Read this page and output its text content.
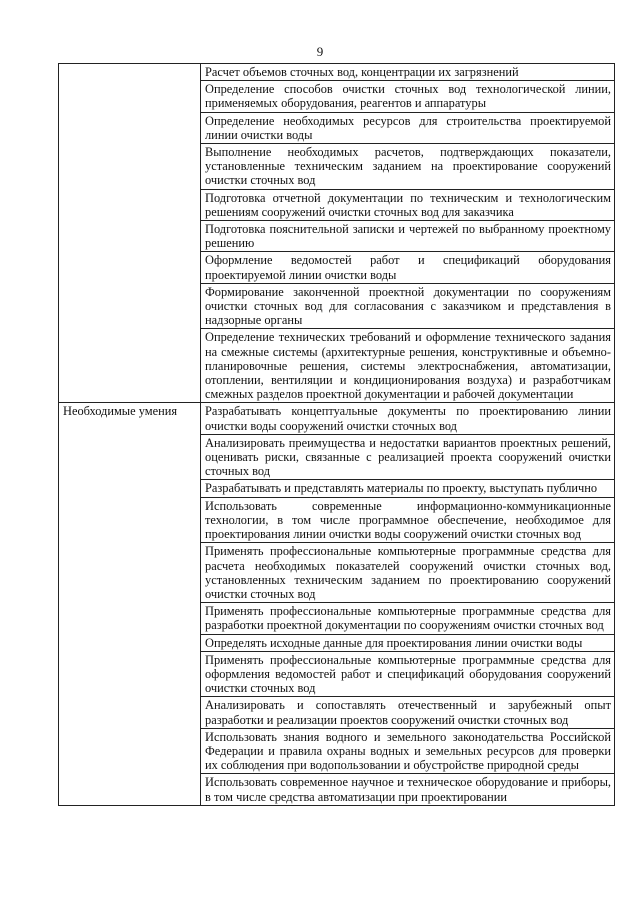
9
	Расчет объемов сточных вод, концентрации их загрязнений
	Определение способов очистки сточных вод технологической линии, применяемых оборудования, реагентов и аппаратуры
	Определение необходимых ресурсов для строительства проектируемой линии очистки воды
	Выполнение необходимых расчетов, подтверждающих показатели, установленные техническим заданием на проектирование сооружений очистки сточных вод
	Подготовка отчетной документации по техническим и технологическим решениям сооружений очистки сточных вод для заказчика
	Подготовка пояснительной записки и чертежей по выбранному проектному решению
	Оформление ведомостей работ и спецификаций оборудования проектируемой линии очистки воды
	Формирование законченной проектной документации по сооружениям очистки сточных вод для согласования с заказчиком и представления в надзорные органы
	Определение технических требований и оформление технического задания на смежные системы (архитектурные решения, конструктивные и объемно-планировочные решения, системы электроснабжения, автоматизации, отоплении, вентиляции и кондиционирования воздуха) и разработчикам смежных разделов проектной документации и рабочей документации
Необходимые умения	Разрабатывать концептуальные документы по проектированию линии очистки воды сооружений очистки сточных вод
	Анализировать преимущества и недостатки вариантов проектных решений, оценивать риски, связанные с реализацией проекта сооружений очистки сточных вод
	Разрабатывать и представлять материалы по проекту, выступать публично
	Использовать современные информационно-коммуникационные технологии, в том числе программное обеспечение, необходимое для проектирования линии очистки воды сооружений очистки сточных вод
	Применять профессиональные компьютерные программные средства для расчета необходимых показателей сооружений очистки сточных вод, установленных техническим заданием по проектированию сооружений очистки сточных вод
	Применять профессиональные компьютерные программные средства для разработки проектной документации по сооружениям очистки сточных вод
	Определять исходные данные для проектирования линии очистки воды
	Применять профессиональные компьютерные программные средства для оформления ведомостей работ и спецификаций оборудования сооружений очистки сточных вод
	Анализировать и сопоставлять отечественный и зарубежный опыт разработки и реализации проектов сооружений очистки сточных вод
	Использовать знания водного и земельного законодательства Российской Федерации и правила охраны водных и земельных ресурсов для проверки их соблюдения при водопользовании и обустройстве природной среды
	Использовать современное научное и техническое оборудование и приборы, в том числе средства автоматизации при проектировании
